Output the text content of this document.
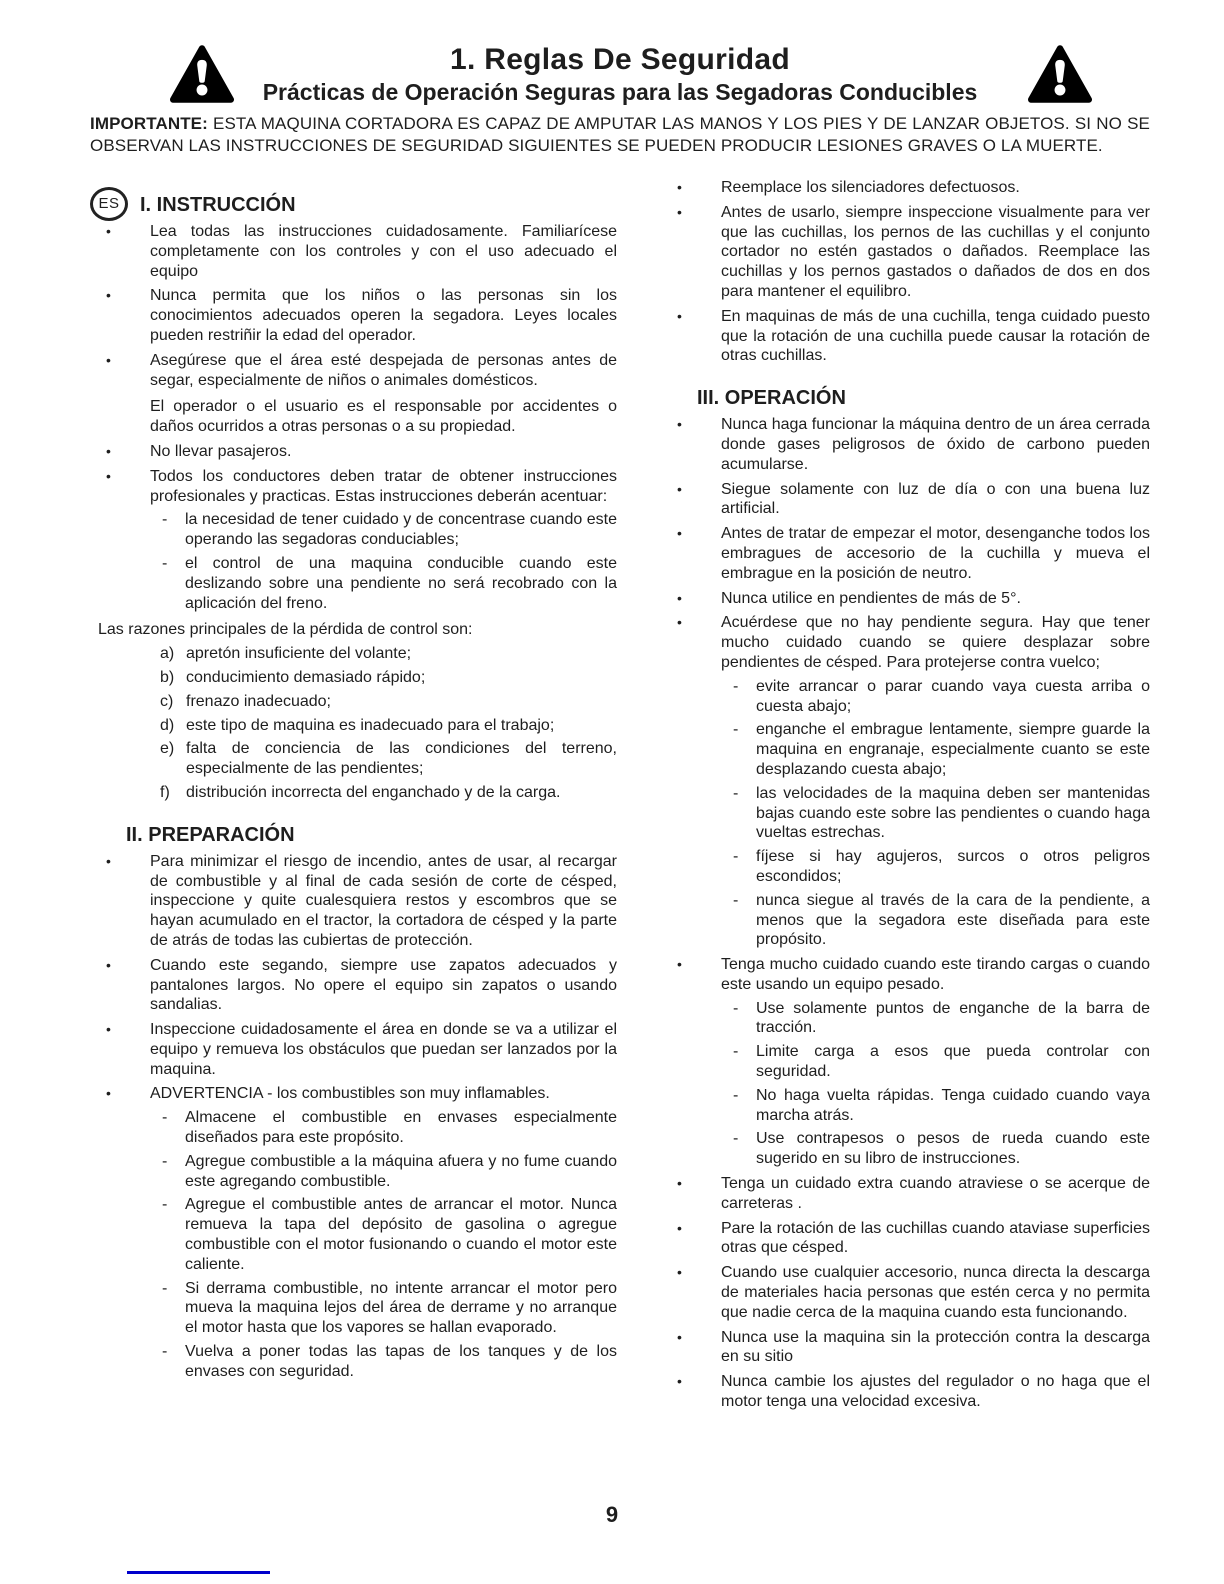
1. Reglas De Seguridad
Prácticas de Operación Seguras para las Segadoras Conducibles

IMPORTANTE: ESTA MAQUINA CORTADORA ES CAPAZ DE AMPUTAR LAS MANOS Y LOS PIES Y DE LANZAR OBJETOS. SI NO SE OBSERVAN LAS INSTRUCCIONES DE SEGURIDAD SIGUIENTES SE PUEDEN PRODUCIR LESIONES GRAVES O LA MUERTE.

ES	I. INSTRUCCIÓN
•	Lea todas las instrucciones cuidadosamente. Familiarícese completamente con los controles y con el uso adecuado el equipo
•	Nunca permita que los niños o las personas sin los conocimientos adecuados operen la segadora. Leyes locales pueden restriñir la edad del operador.
•	Asegúrese que el área esté despejada de personas antes de segar, especialmente de niños o animales domésticos.
El operador o el usuario es el responsable por accidentes o daños ocurridos a otras personas o a su propiedad.
•	No llevar pasajeros.
•	Todos los conductores deben tratar de obtener instrucciones profesionales y practicas. Estas instrucciones deberán acentuar:
-	la necesidad de tener cuidado y de concentrase cuando este operando las segadoras conduciables;
-	el control de una maquina conducible cuando este deslizando sobre una pendiente no será recobrado con la aplicación del freno.
Las razones principales de la pérdida de control son:
a) apretón insuficiente del volante;
b) conducimiento demasiado rápido;
c) frenazo inadecuado;
d) este tipo de maquina es inadecuado para el trabajo;
e) falta de conciencia de las condiciones del terreno, especialmente de las pendientes;
f)	distribución incorrecta del enganchado y de la carga.
II. PREPARACIÓN
•	Para minimizar el riesgo de incendio, antes de usar, al recargar de combustible y al final de cada sesión de corte de césped, inspeccione y quite cualesquiera restos y escombros que se hayan acumulado en el tractor, la cortadora de césped y la parte de atrás de todas las cubiertas de protección.
•	Cuando este segando, siempre use zapatos adecuados y pantalones largos. No opere el equipo sin zapatos o usando sandalias.
•	Inspeccione cuidadosamente el área en donde se va a utilizar el equipo y remueva los obstáculos que puedan ser lanzados por la maquina.
•	ADVERTENCIA - los combustibles son muy inflamables.
-	Almacene el combustible en envases especialmente diseñados para este propósito.
-	Agregue combustible a la máquina afuera y no fume cuando este agregando combustible.
-	Agregue el combustible antes de arrancar el motor. Nunca remueva la tapa del depósito de gasolina o agregue combustible con el motor fusionando o cuando el motor este caliente.
-	Si derrama combustible, no intente arrancar el motor pero mueva la maquina lejos del área de derrame y no arranque el motor hasta que los vapores se hallan evaporado.
-	Vuelva a poner todas las tapas de los tanques y de los envases con seguridad.
•	Reemplace los silenciadores defectuosos.
•	Antes de usarlo, siempre inspeccione visualmente para ver que las cuchillas, los pernos de las cuchillas y el conjunto cortador no estén gastados o dañados. Reemplace las cuchillas y los pernos gastados o dañados de dos en dos para mantener el equilibro.
•	En maquinas de más de una cuchilla, tenga cuidado puesto que la rotación de una cuchilla puede causar la rotación de otras cuchillas.
III. OPERACIÓN
•	Nunca haga funcionar la máquina dentro de un área cerrada donde gases peligrosos de óxido de carbono pueden acumularse.
•	Siegue solamente con luz de día o con una buena luz artificial.
•	Antes de tratar de empezar el motor, desenganche todos los embragues de accesorio de la cuchilla y mueva el embrague en la posición de neutro.
•	Nunca utilice en pendientes de más de 5°.
•	Acuérdese que no hay pendiente segura. Hay que tener mucho cuidado cuando se quiere desplazar sobre pendientes de césped. Para protejerse contra vuelco;
-	evite arrancar o parar cuando vaya cuesta arriba o cuesta abajo;
-	enganche el embrague lentamente, siempre guarde la maquina en engranaje, especialmente cuanto se este desplazando cuesta abajo;
-	las velocidades de la maquina deben ser mantenidas bajas cuando este sobre las pendientes o cuando haga vueltas estrechas.
-	fíjese si hay agujeros, surcos o otros peligros escondidos;
-	nunca siegue al través de la cara de la pendiente, a menos que la segadora este diseñada para este propósito.
•	Tenga mucho cuidado cuando este tirando cargas o cuando este usando un equipo pesado.
-	Use solamente puntos de enganche de la barra de tracción.
-	Limite carga a esos que pueda controlar con seguridad.
-	No haga vuelta rápidas. Tenga cuidado cuando vaya marcha atrás.
-	Use contrapesos o pesos de rueda cuando este sugerido en su libro de instrucciones.
•	Tenga un cuidado extra cuando atraviese o se acerque de carreteras .
•	Pare la rotación de las cuchillas cuando ataviase superficies otras que césped.
•	Cuando use cualquier accesorio, nunca directa la descarga de materiales hacia personas que estén cerca y no permita que nadie cerca de la maquina cuando esta funcionando.
•	Nunca use la maquina sin la protección contra la descarga en su sitio
•	Nunca cambie los ajustes del regulador o no haga que el motor tenga una velocidad excesiva.
9
